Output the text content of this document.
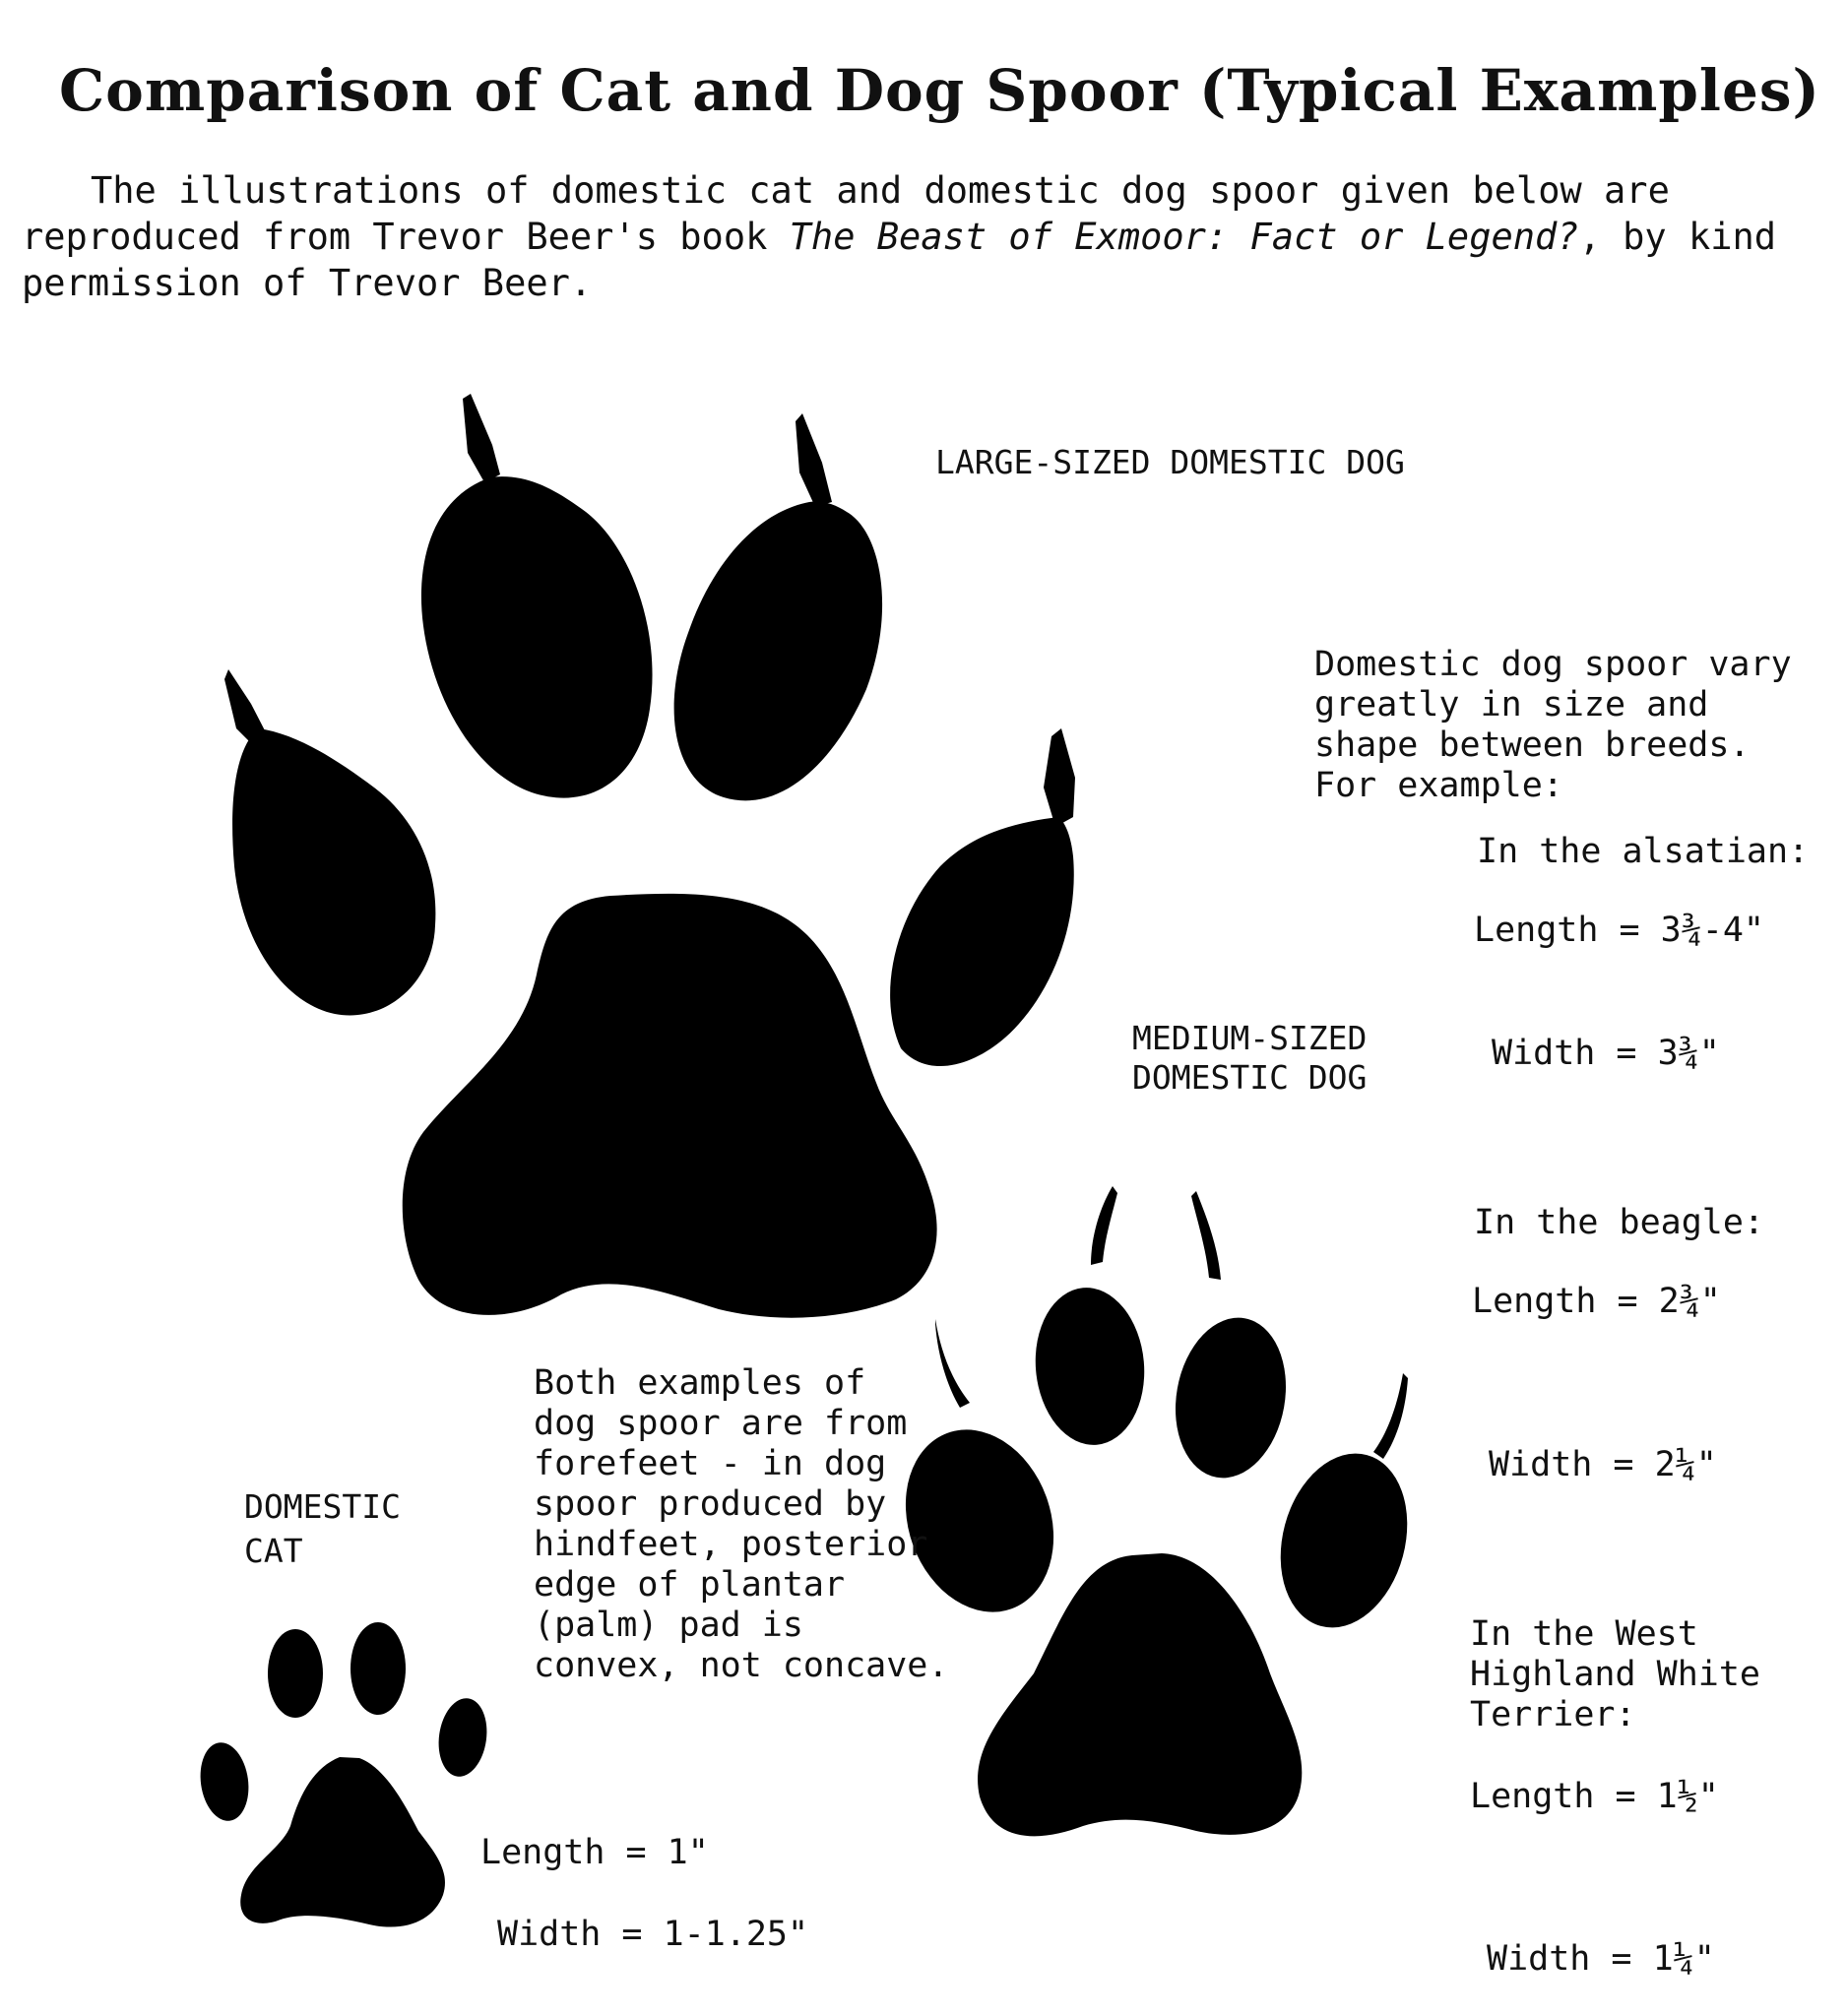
Comparison of Cat and Dog Spoor (Typical Examples)

The illustrations of domestic cat and domestic dog spoor given below are

reproduced from Trevor Beer's book The Beast of Exmoor: Fact or Legend?, by kind

permission of Trevor Beer.

LARGE-SIZED DOMESTIC DOG
MEDIUM-SIZED
DOMESTIC DOG
DOMESTIC
CAT

Domestic dog spoor vary

greatly in size and

shape between breeds.

For example:

In the alsatian:
Length = 3¾-4"
Width = 3¾"
In the beagle:
Length = 2¾"
Width = 2¼"

In the West

Highland White

Terrier:

Length = 1½"
Width = 1¼"

Both examples of

dog spoor are from

forefeet - in dog

spoor produced by

hindfeet, posterior

edge of plantar

(palm) pad is

convex, not concave.

Length = 1"
Width = 1-1.25"
